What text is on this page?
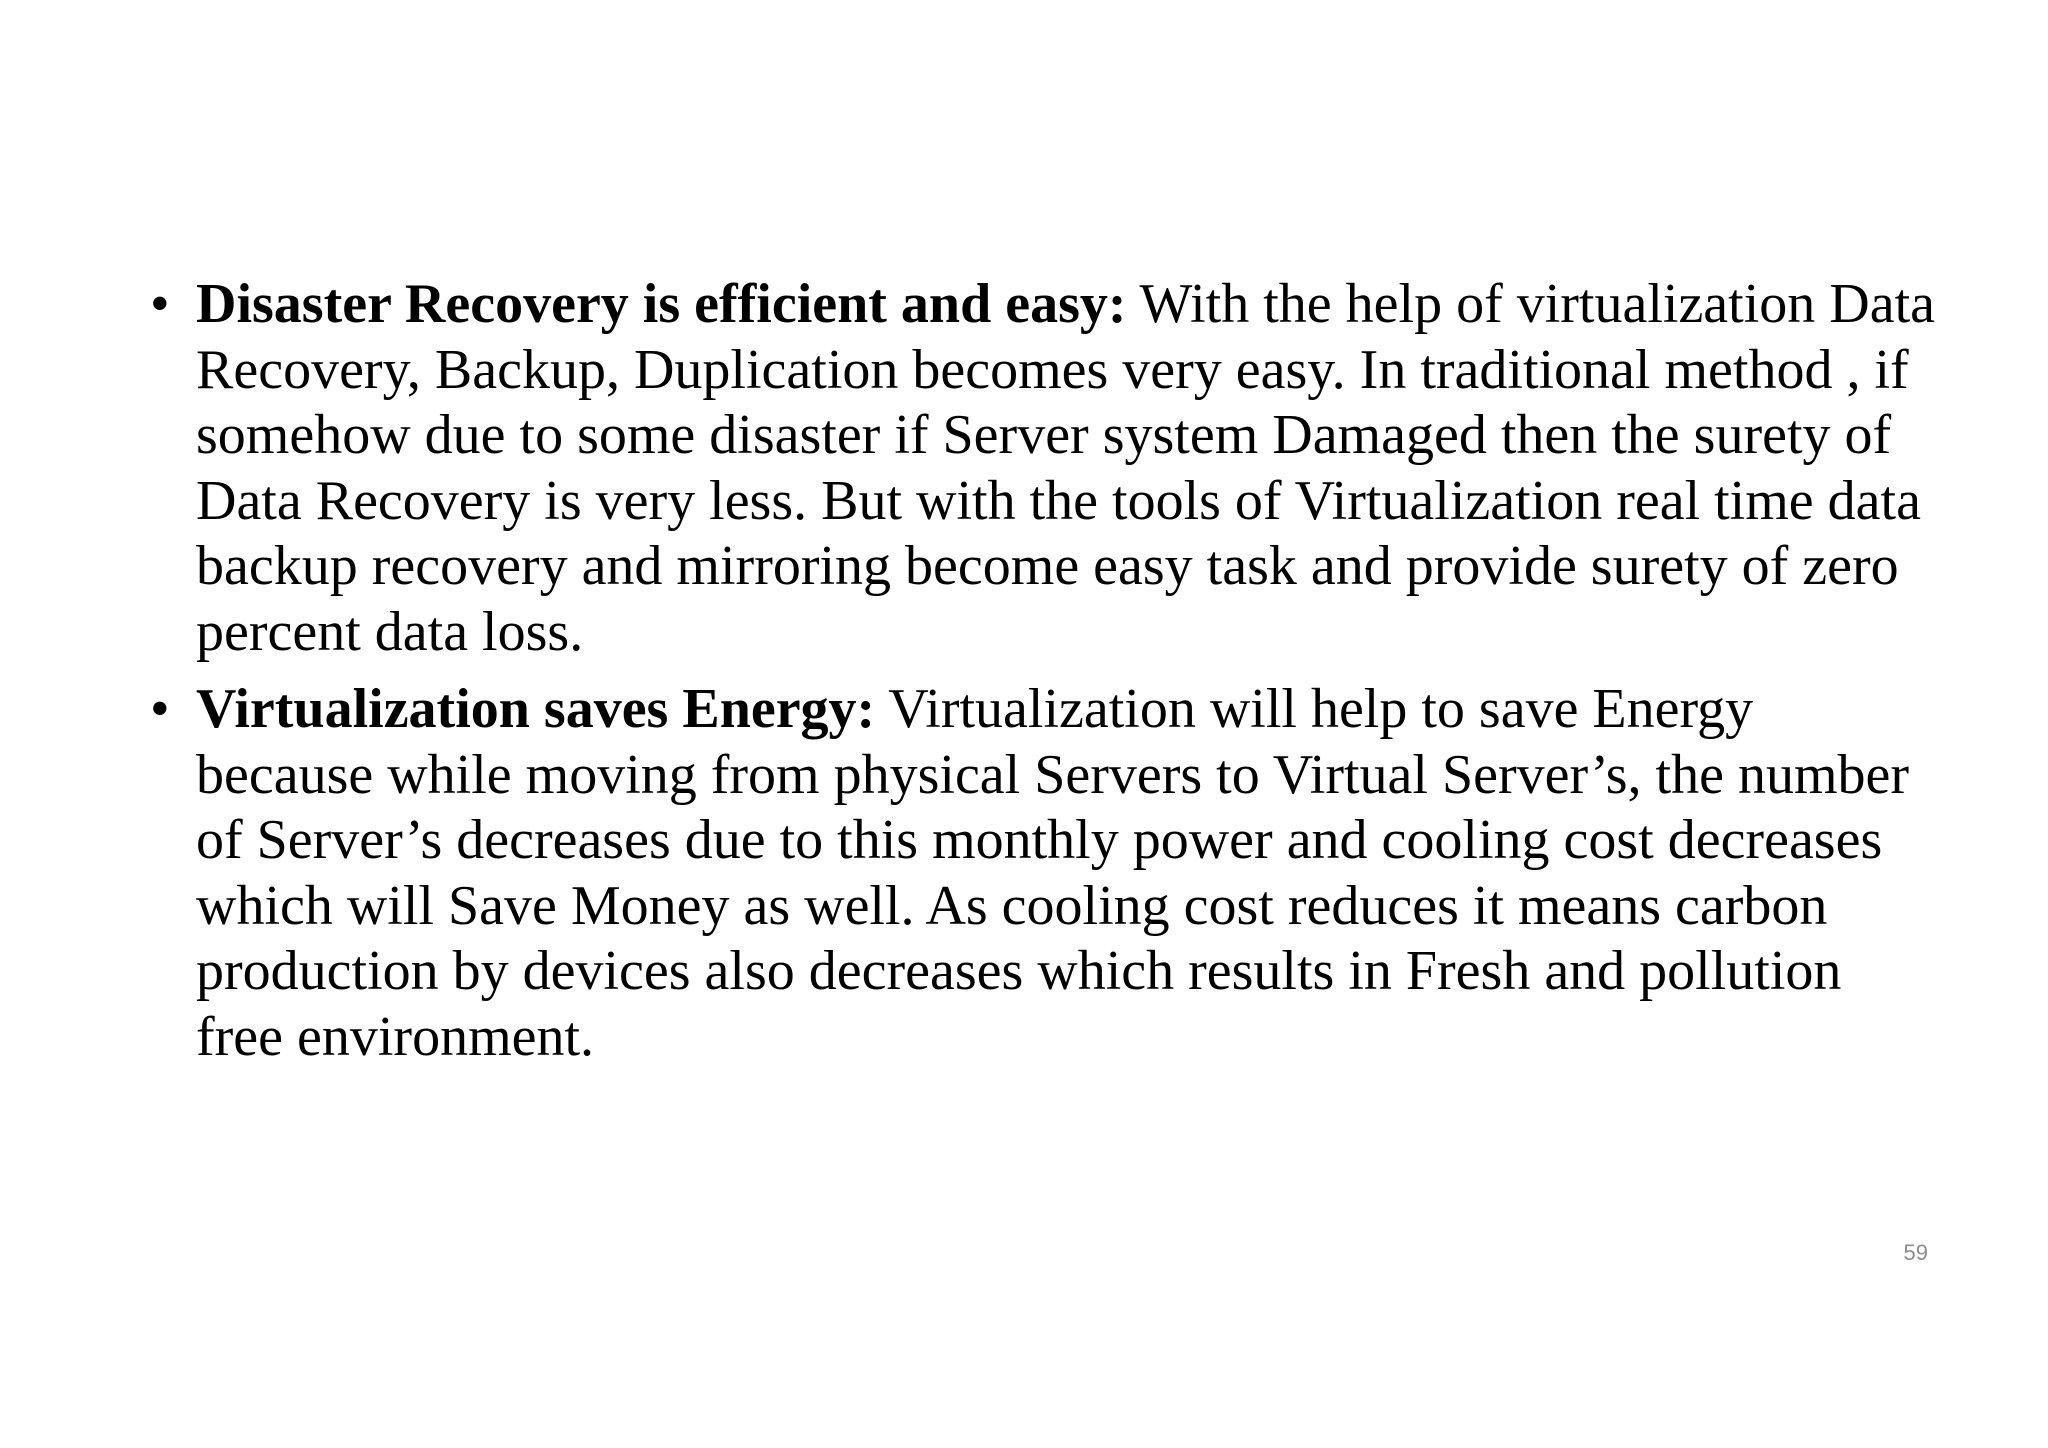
• Disaster Recovery is efficient and easy: With the help of virtualization Data Recovery, Backup, Duplication becomes very easy. In traditional method , if somehow due to some disaster if Server system Damaged then the surety of Data Recovery is very less. But with the tools of Virtualization real time data backup recovery and mirroring become easy task and provide surety of zero percent data loss.
• Virtualization saves Energy: Virtualization will help to save Energy because while moving from physical Servers to Virtual Server’s, the number of Server’s decreases due to this monthly power and cooling cost decreases which will Save Money as well. As cooling cost reduces it means carbon production by devices also decreases which results in Fresh and pollution free environment.
59
